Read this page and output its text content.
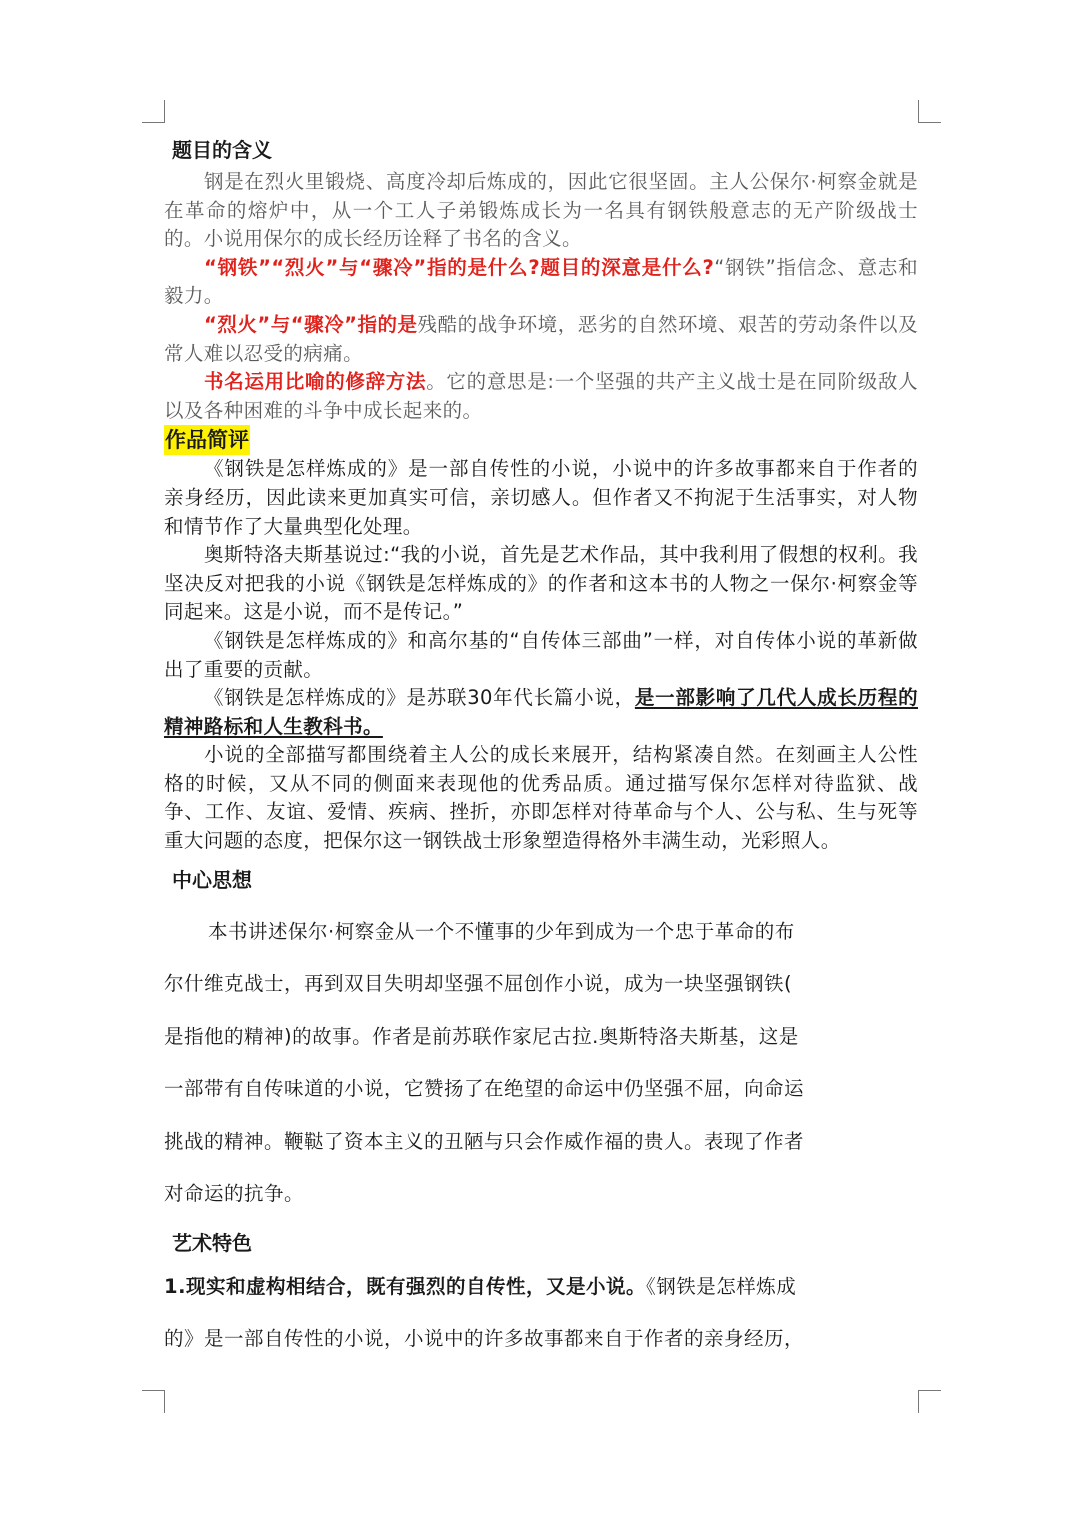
题目的含义

钢是在烈火里锻烧、高度冷却后炼成的，因此它很坚固。主人公保尔·柯察金就是在革命的熔炉中，从一个工人子弟锻炼成长为一名具有钢铁般意志的无产阶级战士的。小说用保尔的成长经历诠释了书名的含义。

“钢铁”“烈火”与“骤冷”指的是什么?题目的深意是什么?“钢铁”指信念、意志和毅力。

“烈火”与“骤冷”指的是残酷的战争环境，恶劣的自然环境、艰苦的劳动条件以及常人难以忍受的病痛。

书名运用比喻的修辞方法。它的意思是:一个坚强的共产主义战士是在同阶级敌人以及各种困难的斗争中成长起来的。

作品简评

《钢铁是怎样炼成的》是一部自传性的小说，小说中的许多故事都来自于作者的亲身经历，因此读来更加真实可信，亲切感人。但作者又不拘泥于生活事实，对人物和情节作了大量典型化处理。

奥斯特洛夫斯基说过:“我的小说，首先是艺术作品，其中我利用了假想的权利。我坚决反对把我的小说《钢铁是怎样炼成的》的作者和这本书的人物之一保尔·柯察金等同起来。这是小说，而不是传记。”

《钢铁是怎样炼成的》和高尔基的“自传体三部曲”一样，对自传体小说的革新做出了重要的贡献。

《钢铁是怎样炼成的》是苏联30年代长篇小说，是一部影响了几代人成长历程的精神路标和人生教科书。

小说的全部描写都围绕着主人公的成长来展开，结构紧凑自然。在刻画主人公性格的时候，又从不同的侧面来表现他的优秀品质。通过描写保尔怎样对待监狱、战争、工作、友谊、爱情、疾病、挫折，亦即怎样对待革命与个人、公与私、生与死等重大问题的态度，把保尔这一钢铁战士形象塑造得格外丰满生动，光彩照人。

中心思想

本书讲述保尔·柯察金从一个不懂事的少年到成为一个忠于革命的布

尔什维克战士，再到双目失明却坚强不屈创作小说，成为一块坚强钢铁(

是指他的精神)的故事。作者是前苏联作家尼古拉.奥斯特洛夫斯基，这是

一部带有自传味道的小说，它赞扬了在绝望的命运中仍坚强不屈，向命运

挑战的精神。鞭鞑了资本主义的丑陋与只会作威作福的贵人。表现了作者

对命运的抗争。

艺术特色

1.现实和虚构相结合，既有强烈的自传性，又是小说。《钢铁是怎样炼成

的》是一部自传性的小说，小说中的许多故事都来自于作者的亲身经历，
